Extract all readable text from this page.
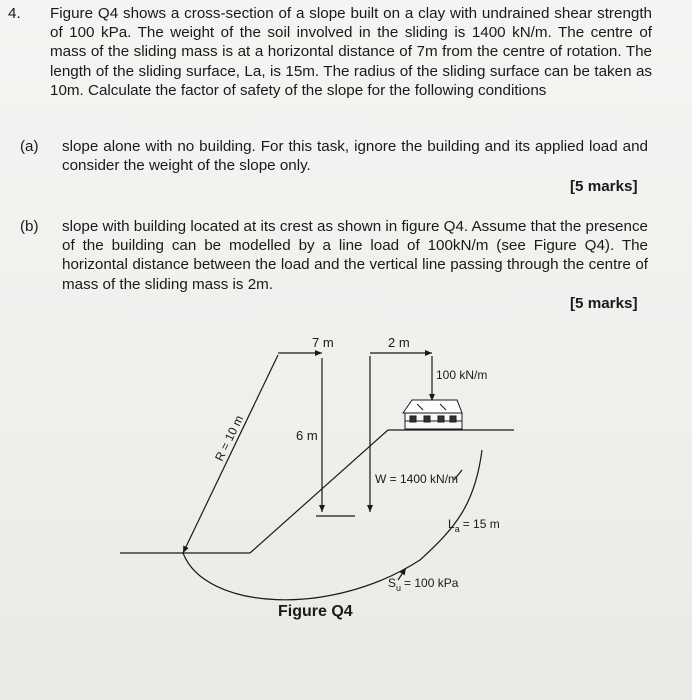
4. Figure Q4 shows a cross-section of a slope built on a clay with undrained shear strength of 100 kPa. The weight of the soil involved in the sliding is 1400 kN/m. The centre of mass of the sliding mass is at a horizontal distance of 7m from the centre of rotation. The length of the sliding surface, La, is 15m. The radius of the sliding surface can be taken as 10m. Calculate the factor of safety of the slope for the following conditions
(a) slope alone with no building. For this task, ignore the building and its applied load and consider the weight of the slope only.
[5 marks]
(b) slope with building located at its crest as shown in figure Q4. Assume that the presence of the building can be modelled by a line load of 100kN/m (see Figure Q4). The horizontal distance between the load and the vertical line passing through the centre of mass of the sliding mass is 2m.
[5 marks]
7 m	2 m
6 m
R = 10 m
100 kN/m
W = 1400 kN/m
$L_a = 15$ m
$S_u = 100$ kPa
Figure Q4
